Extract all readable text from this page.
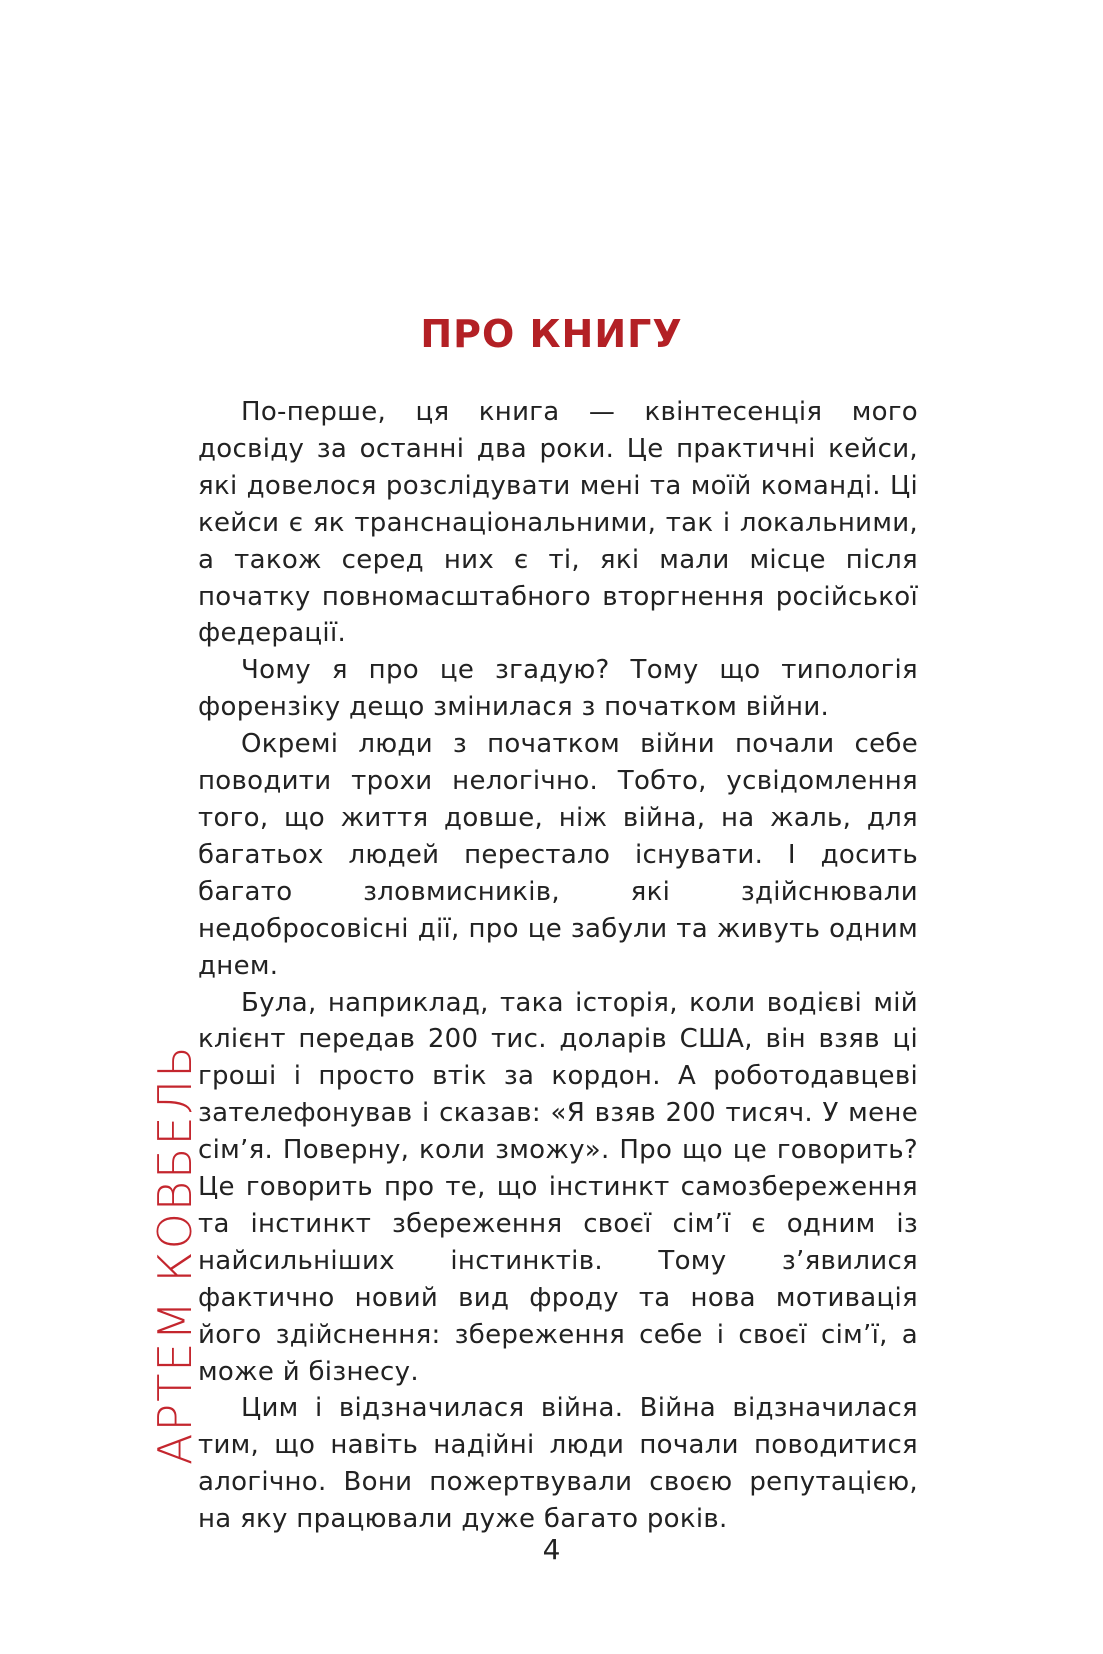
ПРО КНИГУ

По-перше, ця книга — квінтесенція мого досвіду за останні два роки. Це практичні кейси, які довелося розслідувати мені та моїй команді. Ці кейси є як транснаціональними, так і локальними, а також серед них є ті, які мали місце після початку повномасштабного вторгнення російської федерації.

Чому я про це згадую? Тому що типологія форензіку дещо змінилася з початком війни.

Окремі люди з початком війни почали себе поводити трохи нелогічно. Тобто, усвідомлення того, що життя довше, ніж війна, на жаль, для багатьох людей перестало існувати. І досить багато зловмисників, які здійснювали недобросовісні дії, про це забули та живуть одним днем.

Була, наприклад, така історія, коли водієві мій клієнт передав 200 тис. доларів США, він взяв ці гроші і просто втік за кордон. А роботодавцеві зателефонував і сказав: «Я взяв 200 тисяч. У мене сім’я. Поверну, коли зможу». Про що це говорить? Це говорить про те, що інстинкт самозбереження та інстинкт збереження своєї сім’ї є одним із найсильніших інстинктів. Тому з’явилися фактично новий вид фроду та нова мотивація його здійснення: збереження себе і своєї сім’ї, а може й бізнесу.

Цим і відзначилася війна. Війна відзначилася тим, що навіть надійні люди почали поводитися алогічно. Вони пожертвували своєю репутацією, на яку працювали дуже багато років.

АРТЕМ КОВБЕЛЬ
4
